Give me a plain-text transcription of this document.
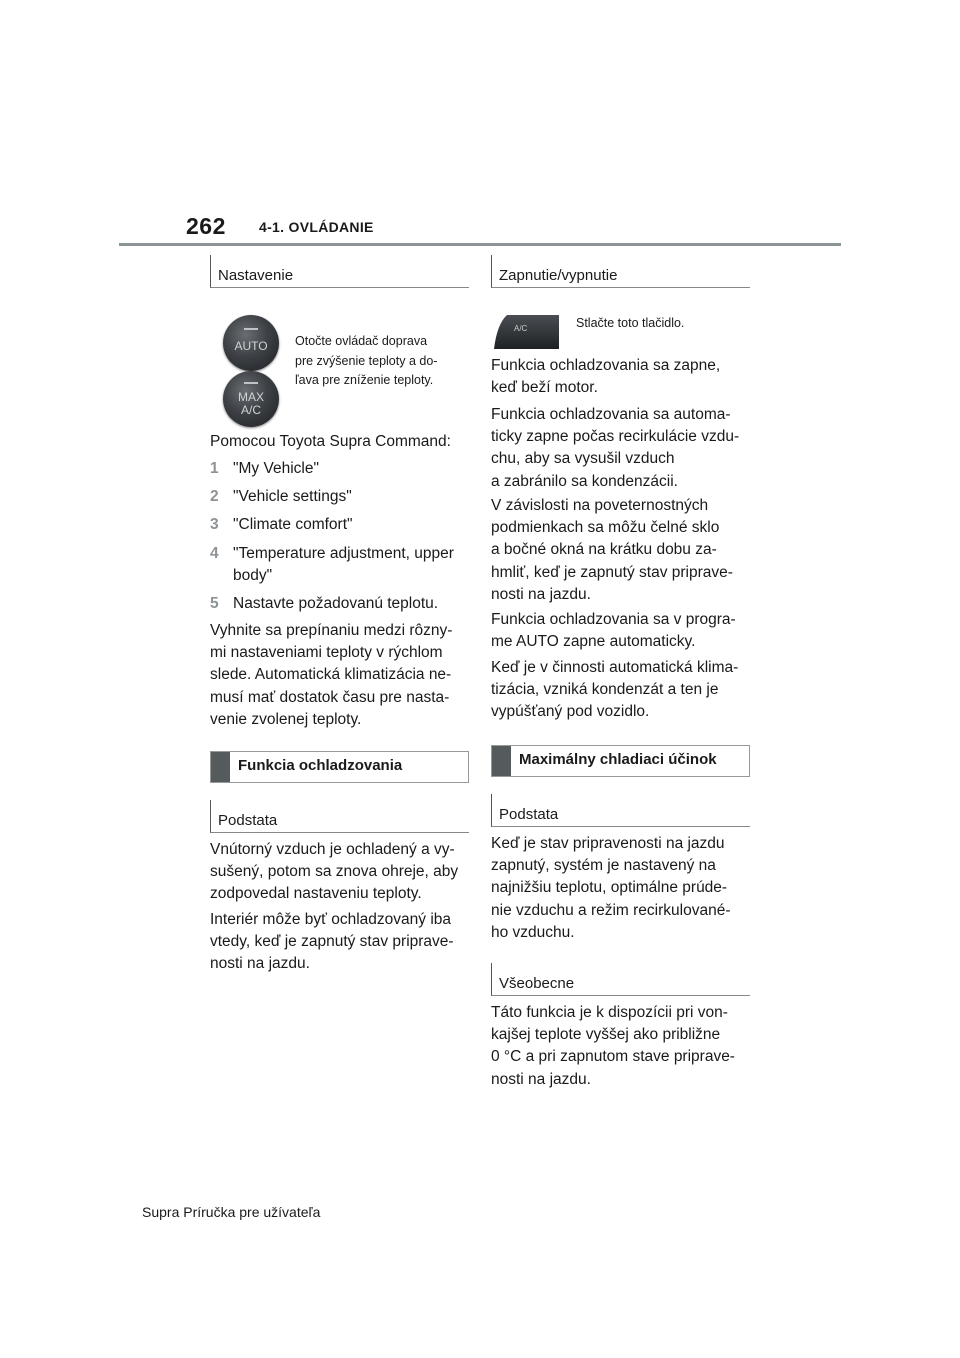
262 4-1. OVLÁDANIE
Nastavenie
AUTO
MAX
A/C
Otočte ovládač doprava
pre zvýšenie teploty a do-
ľava pre zníženie teploty.
Pomocou Toyota Supra Command:
1 "My Vehicle"
2 "Vehicle settings"
3 "Climate comfort"
4 "Temperature adjustment, upper body"
5 Nastavte požadovanú teplotu.
Vyhnite sa prepínaniu medzi rôzny-
mi nastaveniami teploty v rýchlom
slede. Automatická klimatizácia ne-
musí mať dostatok času pre nasta-
venie zvolenej teploty.
Funkcia ochladzovania
Podstata
Vnútorný vzduch je ochladený a vy-
sušený, potom sa znova ohreje, aby
zodpovedal nastaveniu teploty.
Interiér môže byť ochladzovaný iba
vtedy, keď je zapnutý stav priprave-
nosti na jazdu.
Zapnutie/vypnutie
A/C	Stlačte toto tlačidlo.
Funkcia ochladzovania sa zapne,
keď beží motor.
Funkcia ochladzovania sa automa-
ticky zapne počas recirkulácie vzdu-
chu, aby sa vysušil vzduch
a zabránilo sa kondenzácii.
V závislosti na poveternostných
podmienkach sa môžu čelné sklo
a bočné okná na krátku dobu za-
hmliť, keď je zapnutý stav priprave-
nosti na jazdu.
Funkcia ochladzovania sa v progra-
me AUTO zapne automaticky.
Keď je v činnosti automatická klima-
tizácia, vzniká kondenzát a ten je
vypúšťaný pod vozidlo.
Maximálny chladiaci účinok
Podstata
Keď je stav pripravenosti na jazdu
zapnutý, systém je nastavený na
najnižšiu teplotu, optimálne prúde-
nie vzduchu a režim recirkulované-
ho vzduchu.
Všeobecne
Táto funkcia je k dispozícii pri von-
kajšej teplote vyššej ako približne
0 °C a pri zapnutom stave priprave-
nosti na jazdu.
Supra Príručka pre užívateľa
